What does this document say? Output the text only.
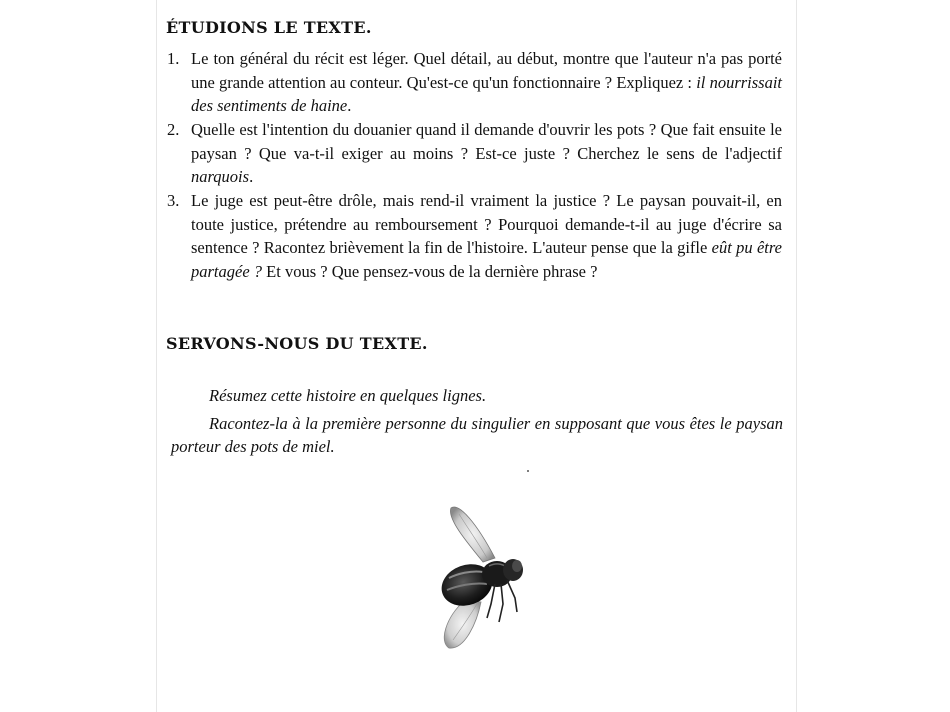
ÉTUDIONS LE TEXTE.
1. Le ton général du récit est léger. Quel détail, au début, montre que l'auteur n'a pas porté une grande attention au conteur. Qu'est-ce qu'un fonctionnaire ? Expliquez : il nourrissait des sentiments de haine.
2. Quelle est l'intention du douanier quand il demande d'ouvrir les pots ? Que fait ensuite le paysan ? Que va-t-il exiger au moins ? Est-ce juste ? Cherchez le sens de l'adjectif narquois.
3. Le juge est peut-être drôle, mais rend-il vraiment la justice ? Le paysan pouvait-il, en toute justice, prétendre au remboursement ? Pourquoi demande-t-il au juge d'écrire sa sentence ? Racontez brièvement la fin de l'histoire. L'auteur pense que la gifle eût pu être partagée ? Et vous ? Que pensez-vous de la dernière phrase ?
SERVONS-NOUS DU TEXTE.

Résumez cette histoire en quelques lignes.

Racontez-la à la première personne du singulier en supposant que vous êtes le paysan porteur des pots de miel.
